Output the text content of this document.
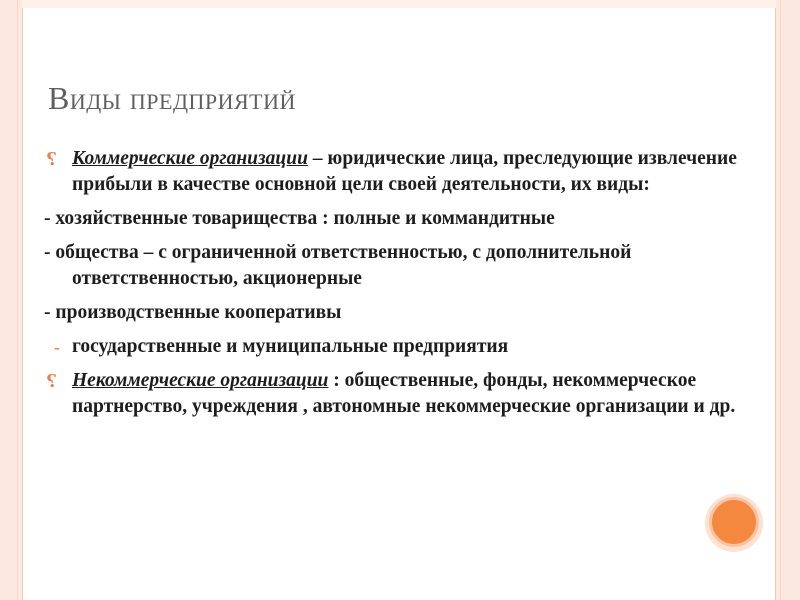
Виды предприятий
⸮ Коммерческие организации – юридические лица, преследующие извлечение прибыли в качестве основной цели своей деятельности, их виды:
- хозяйственные товарищества : полные и коммандитные
- общества – с ограниченной ответственностью, с дополнительной ответственностью, акционерные
- производственные кооперативы
- государственные и муниципальные предприятия
⸮ Некоммерческие организации : общественные, фонды, некоммерческое партнерство, учреждения , автономные некоммерческие организации и др.
